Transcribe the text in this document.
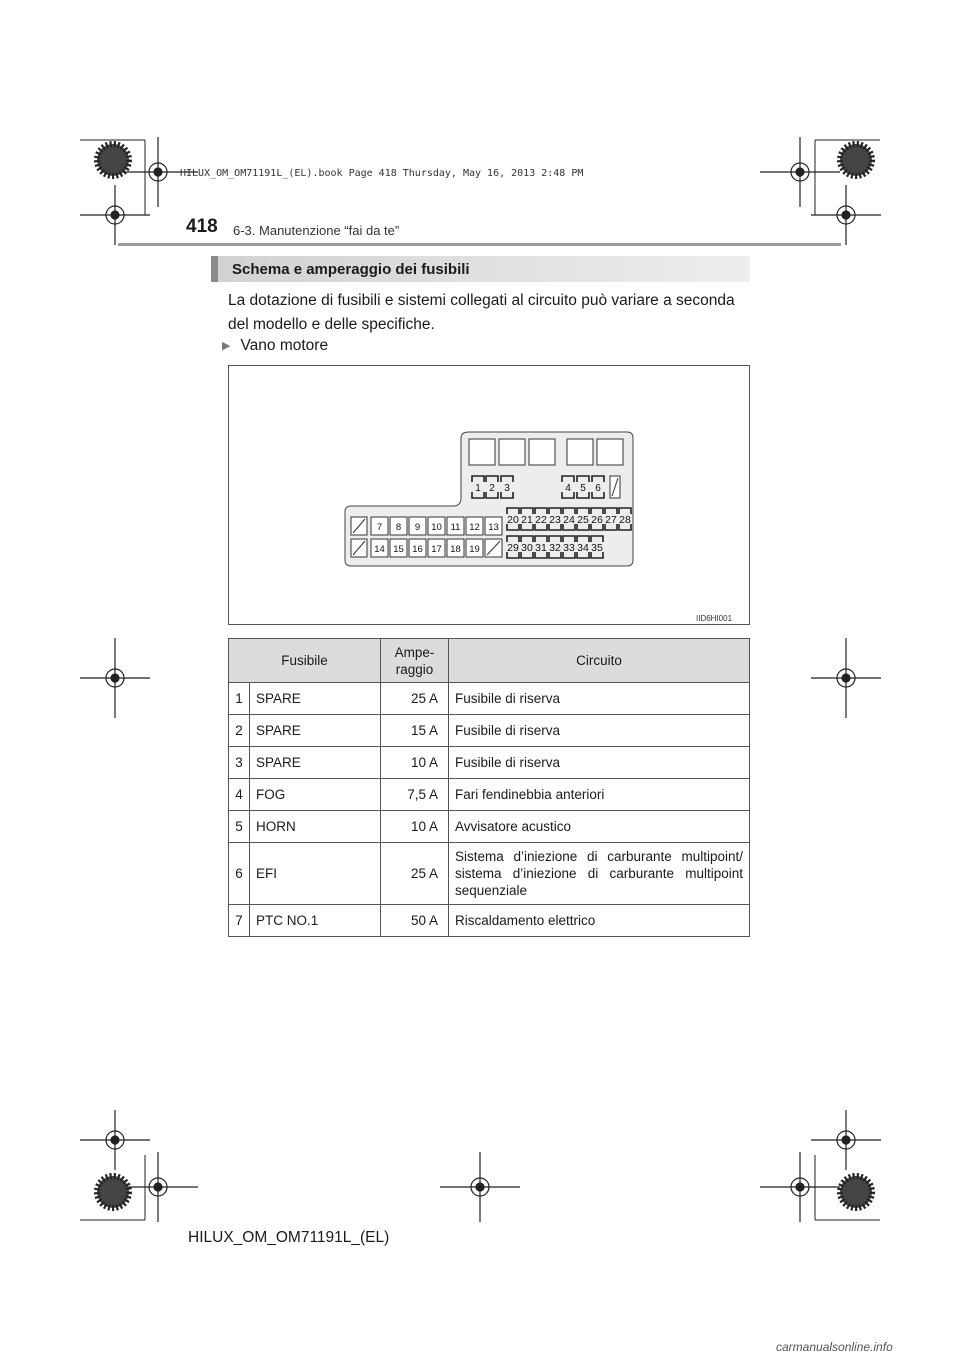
HILUX_OM_OM71191L_(EL).book Page 418 Thursday, May 16, 2013 2:48 PM
418 6-3. Manutenzione “fai da te”
Schema e amperaggio dei fusibili
La dotazione di fusibili e sistemi collegati al circuito può variare a seconda del modello e delle specifiche.
▶ Vano motore
1 2 3	4 5 6
7 8 9 10 11 12 13
14 15 16 17 18 19
20 21 22 23 24 25 26 27 28
29 30 31 32 33 34 35
IID6HI001
Fusibile		Ampe-
raggio	Circuito
1	SPARE	25 A	Fusibile di riserva
2	SPARE	15 A	Fusibile di riserva
3	SPARE	10 A	Fusibile di riserva
4	FOG	7,5 A	Fari fendinebbia anteriori
5	HORN	10 A	Avvisatore acustico
6	EFI	25 A	Sistema d’iniezione di carburante multipoint/ sistema d’iniezione di carburante multipoint sequenziale
7	PTC NO.1	50 A	Riscaldamento elettrico
HILUX_OM_OM71191L_(EL)
carmanualsonline.info
